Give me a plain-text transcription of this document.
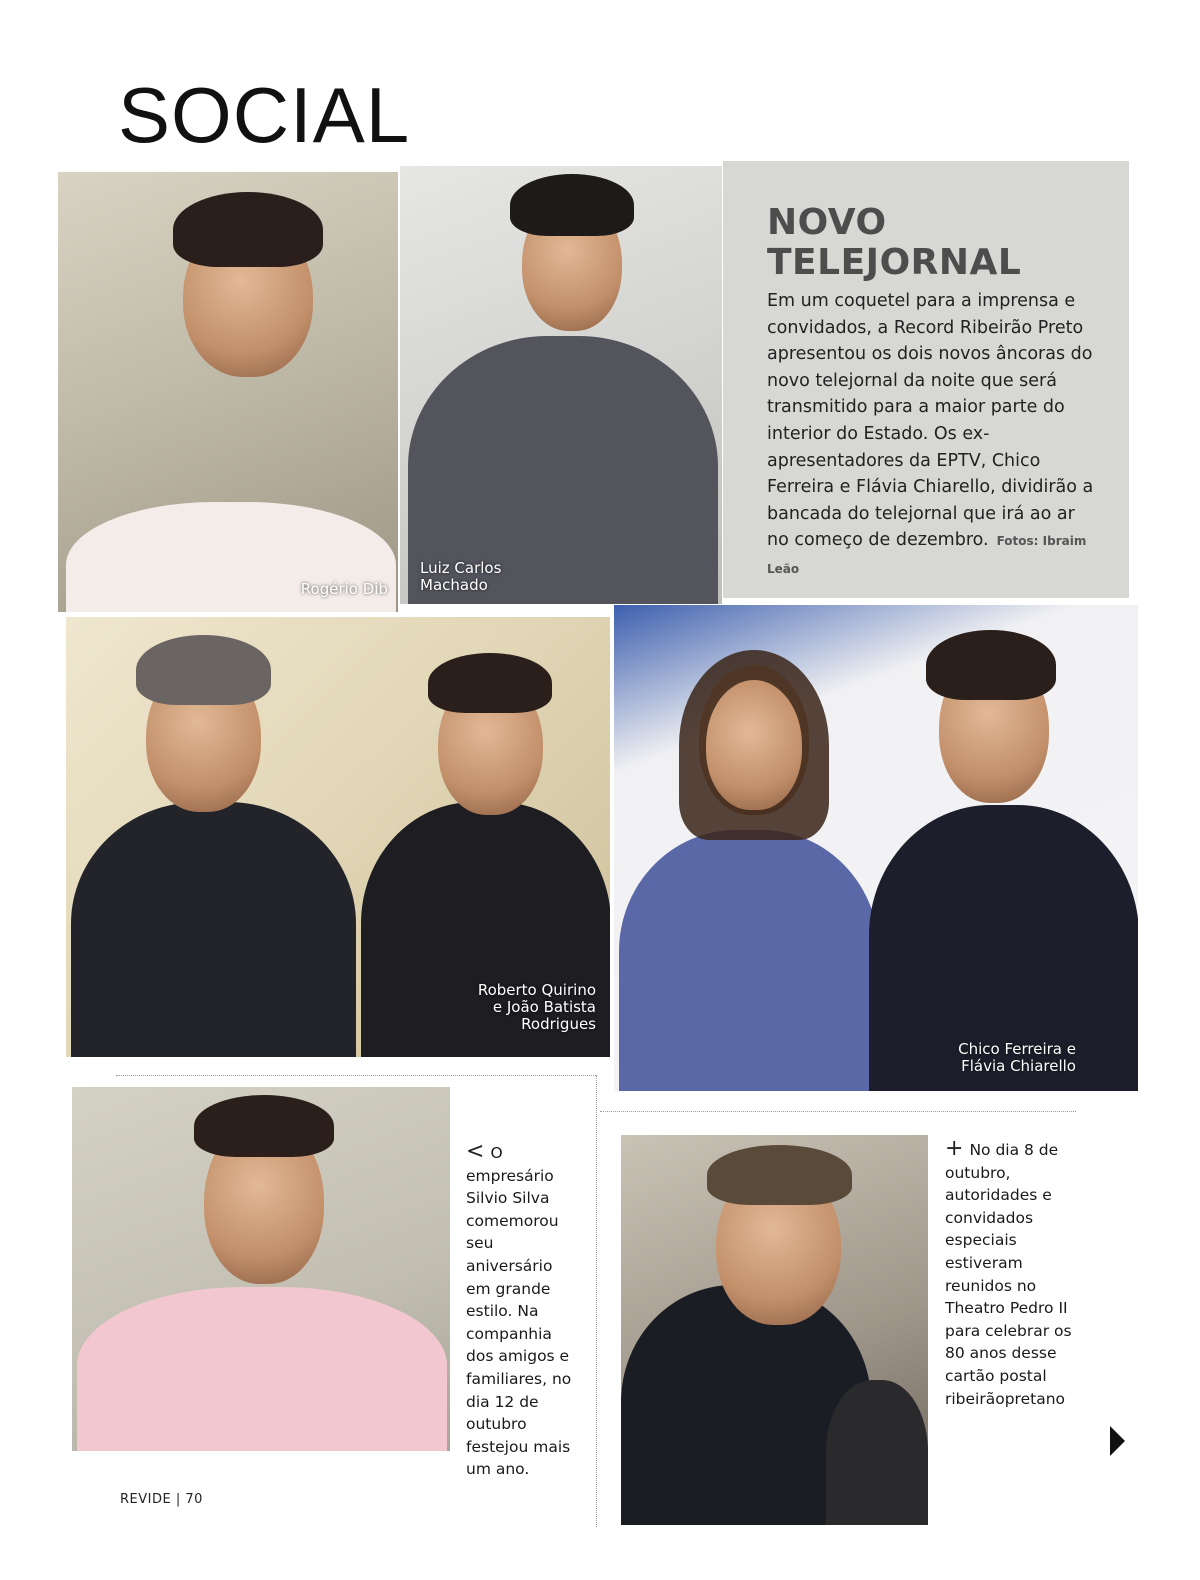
SOCIAL
Rogério Dib
Luiz Carlos
Machado
NOVO
TELEJORNAL

Em um coquetel para a imprensa e convidados, a Record Ribeirão Preto apresentou os dois novos âncoras do novo telejornal da noite que será transmitido para a maior parte do interior do Estado. Os ex-apresentadores da EPTV, Chico Ferreira e Flávia Chiarello, dividirão a bancada do telejornal que irá ao ar no começo de dezembro. Fotos: Ibraim Leão

Roberto Quirino
e João Batista
Rodrigues
Chico Ferreira e
Flávia Chiarello

< O empresário Silvio Silva comemorou seu aniversário em grande estilo. Na companhia dos amigos e familiares, no dia 12 de outubro festejou mais um ano.

+ No dia 8 de outubro, autoridades e convidados especiais estiveram reunidos no Theatro Pedro II para celebrar os 80 anos desse cartão postal ribeirãopretano

REVIDE | 70
